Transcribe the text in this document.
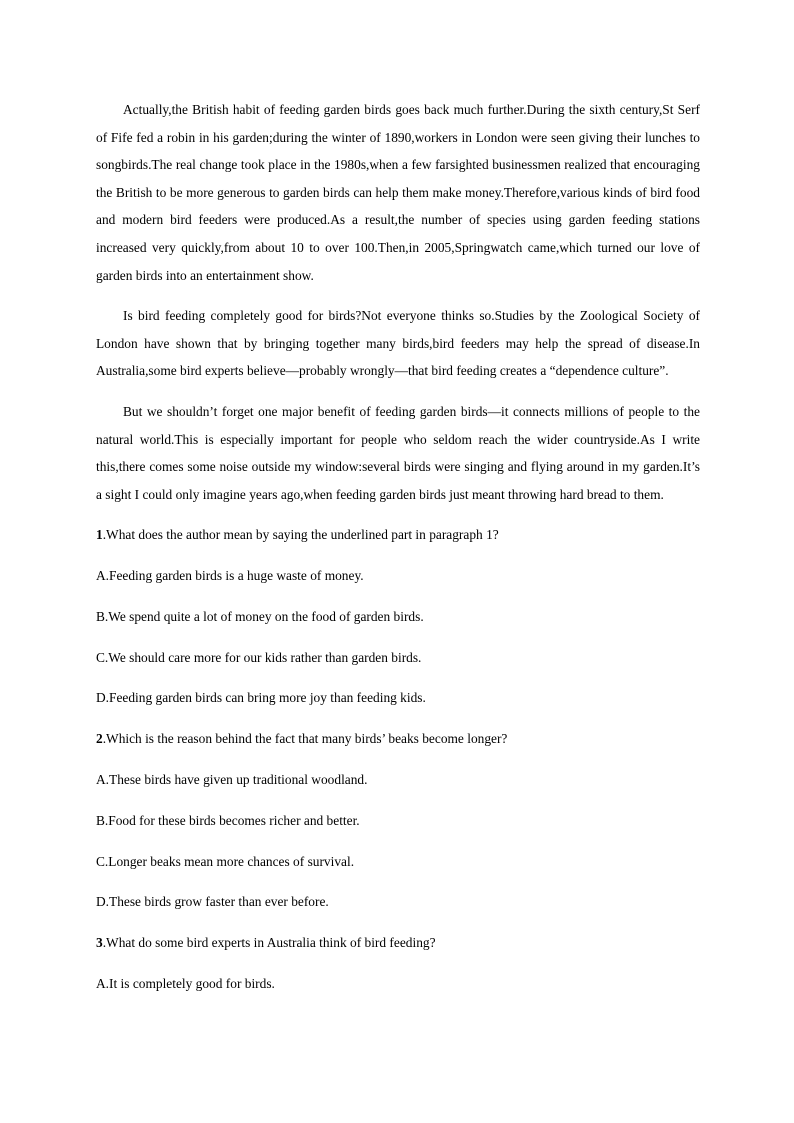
Actually,the British habit of feeding garden birds goes back much further.During the sixth century,St Serf of Fife fed a robin in his garden;during the winter of 1890,workers in London were seen giving their lunches to songbirds.The real change took place in the 1980s,when a few farsighted businessmen realized that encouraging the British to be more generous to garden birds can help them make money.Therefore,various kinds of bird food and modern bird feeders were produced.As a result,the number of species using garden feeding stations increased very quickly,from about 10 to over 100.Then,in 2005,Springwatch came,which turned our love of garden birds into an entertainment show.

Is bird feeding completely good for birds?Not everyone thinks so.Studies by the Zoological Society of London have shown that by bringing together many birds,bird feeders may help the spread of disease.In Australia,some bird experts believe—probably wrongly—that bird feeding creates a “dependence culture”.

But we shouldn’t forget one major benefit of feeding garden birds—it connects millions of people to the natural world.This is especially important for people who seldom reach the wider countryside.As I write this,there comes some noise outside my window:several birds were singing and flying around in my garden.It’s a sight I could only imagine years ago,when feeding garden birds just meant throwing hard bread to them.

1.What does the author mean by saying the underlined part in paragraph 1?

A.Feeding garden birds is a huge waste of money.

B.We spend quite a lot of money on the food of garden birds.

C.We should care more for our kids rather than garden birds.

D.Feeding garden birds can bring more joy than feeding kids.

2.Which is the reason behind the fact that many birds’ beaks become longer?

A.These birds have given up traditional woodland.

B.Food for these birds becomes richer and better.

C.Longer beaks mean more chances of survival.

D.These birds grow faster than ever before.

3.What do some bird experts in Australia think of bird feeding?

A.It is completely good for birds.
